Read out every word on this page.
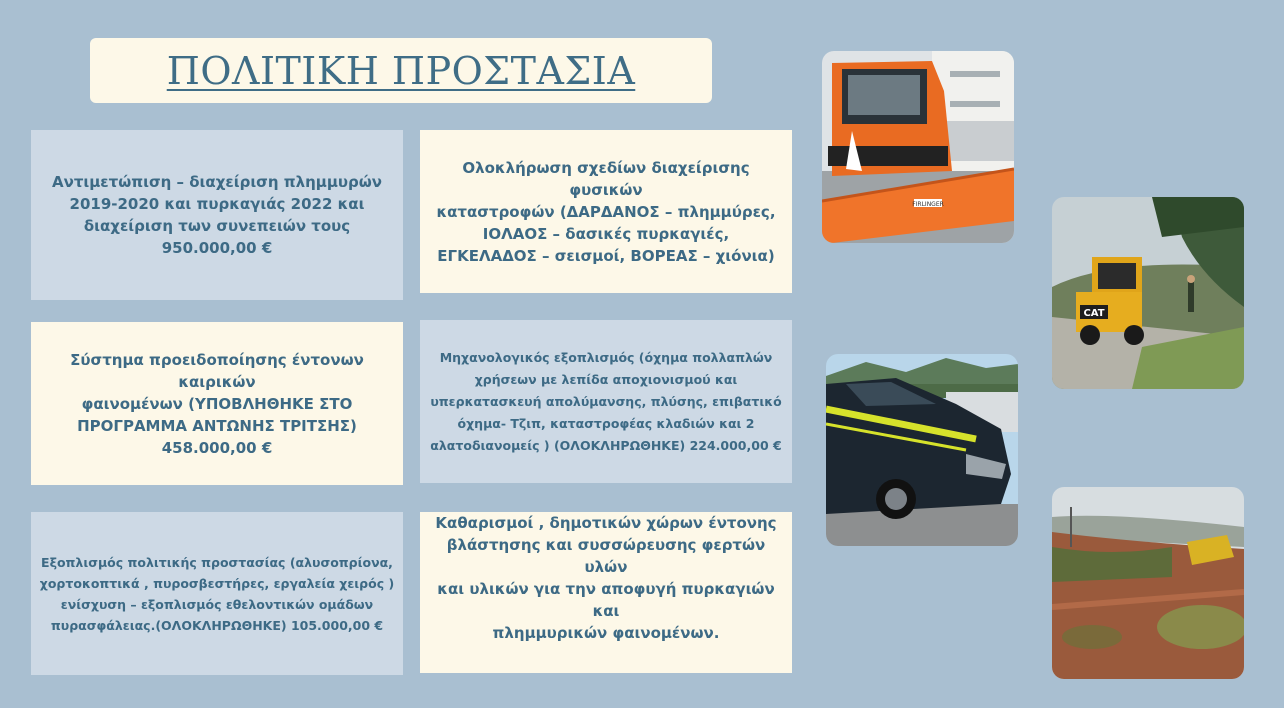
ΠΟΛΙΤΙΚΗ ΠΡΟΣΤΑΣΙΑ
Αντιμετώπιση – διαχείριση πλημμυρών
2019-2020 και πυρκαγιάς 2022 και
διαχείριση των συνεπειών τους
950.000,00 €
Ολοκλήρωση σχεδίων διαχείρισης φυσικών
καταστροφών (ΔΑΡΔΑΝΟΣ – πλημμύρες,
ΙΟΛΑΟΣ – δασικές πυρκαγιές,
ΕΓΚΕΛΑΔΟΣ – σεισμοί, ΒΟΡΕΑΣ – χιόνια)
Σύστημα προειδοποίησης έντονων καιρικών
φαινομένων (ΥΠΟΒΛΗΘΗΚΕ ΣΤΟ
ΠΡΟΓΡΑΜΜΑ ΑΝΤΩΝΗΣ ΤΡΙΤΣΗΣ)
458.000,00 €
Μηχανολογικός εξοπλισμός (όχημα πολλαπλών
χρήσεων με λεπίδα αποχιονισμού και
υπερκατασκευή απολύμανσης, πλύσης, επιβατικό
όχημα- Τζιπ, καταστροφέας κλαδιών και 2
αλατοδιανομείς ) (ΟΛΟΚΛΗΡΩΘΗΚΕ) 224.000,00 €
Εξοπλισμός πολιτικής προστασίας (αλυσοπρίονα,
χορτοκοπτικά , πυροσβεστήρες, εργαλεία χειρός )
ενίσχυση – εξοπλισμός εθελοντικών ομάδων
πυρασφάλειας.(ΟΛΟΚΛΗΡΩΘΗΚΕ) 105.000,00 €
Καθαρισμοί , δημοτικών χώρων έντονης
βλάστησης και συσσώρευσης φερτών υλών
και υλικών για την αποφυγή πυρκαγιών και
πλημμυρικών φαινομένων.
FIRLINGER
CAT
